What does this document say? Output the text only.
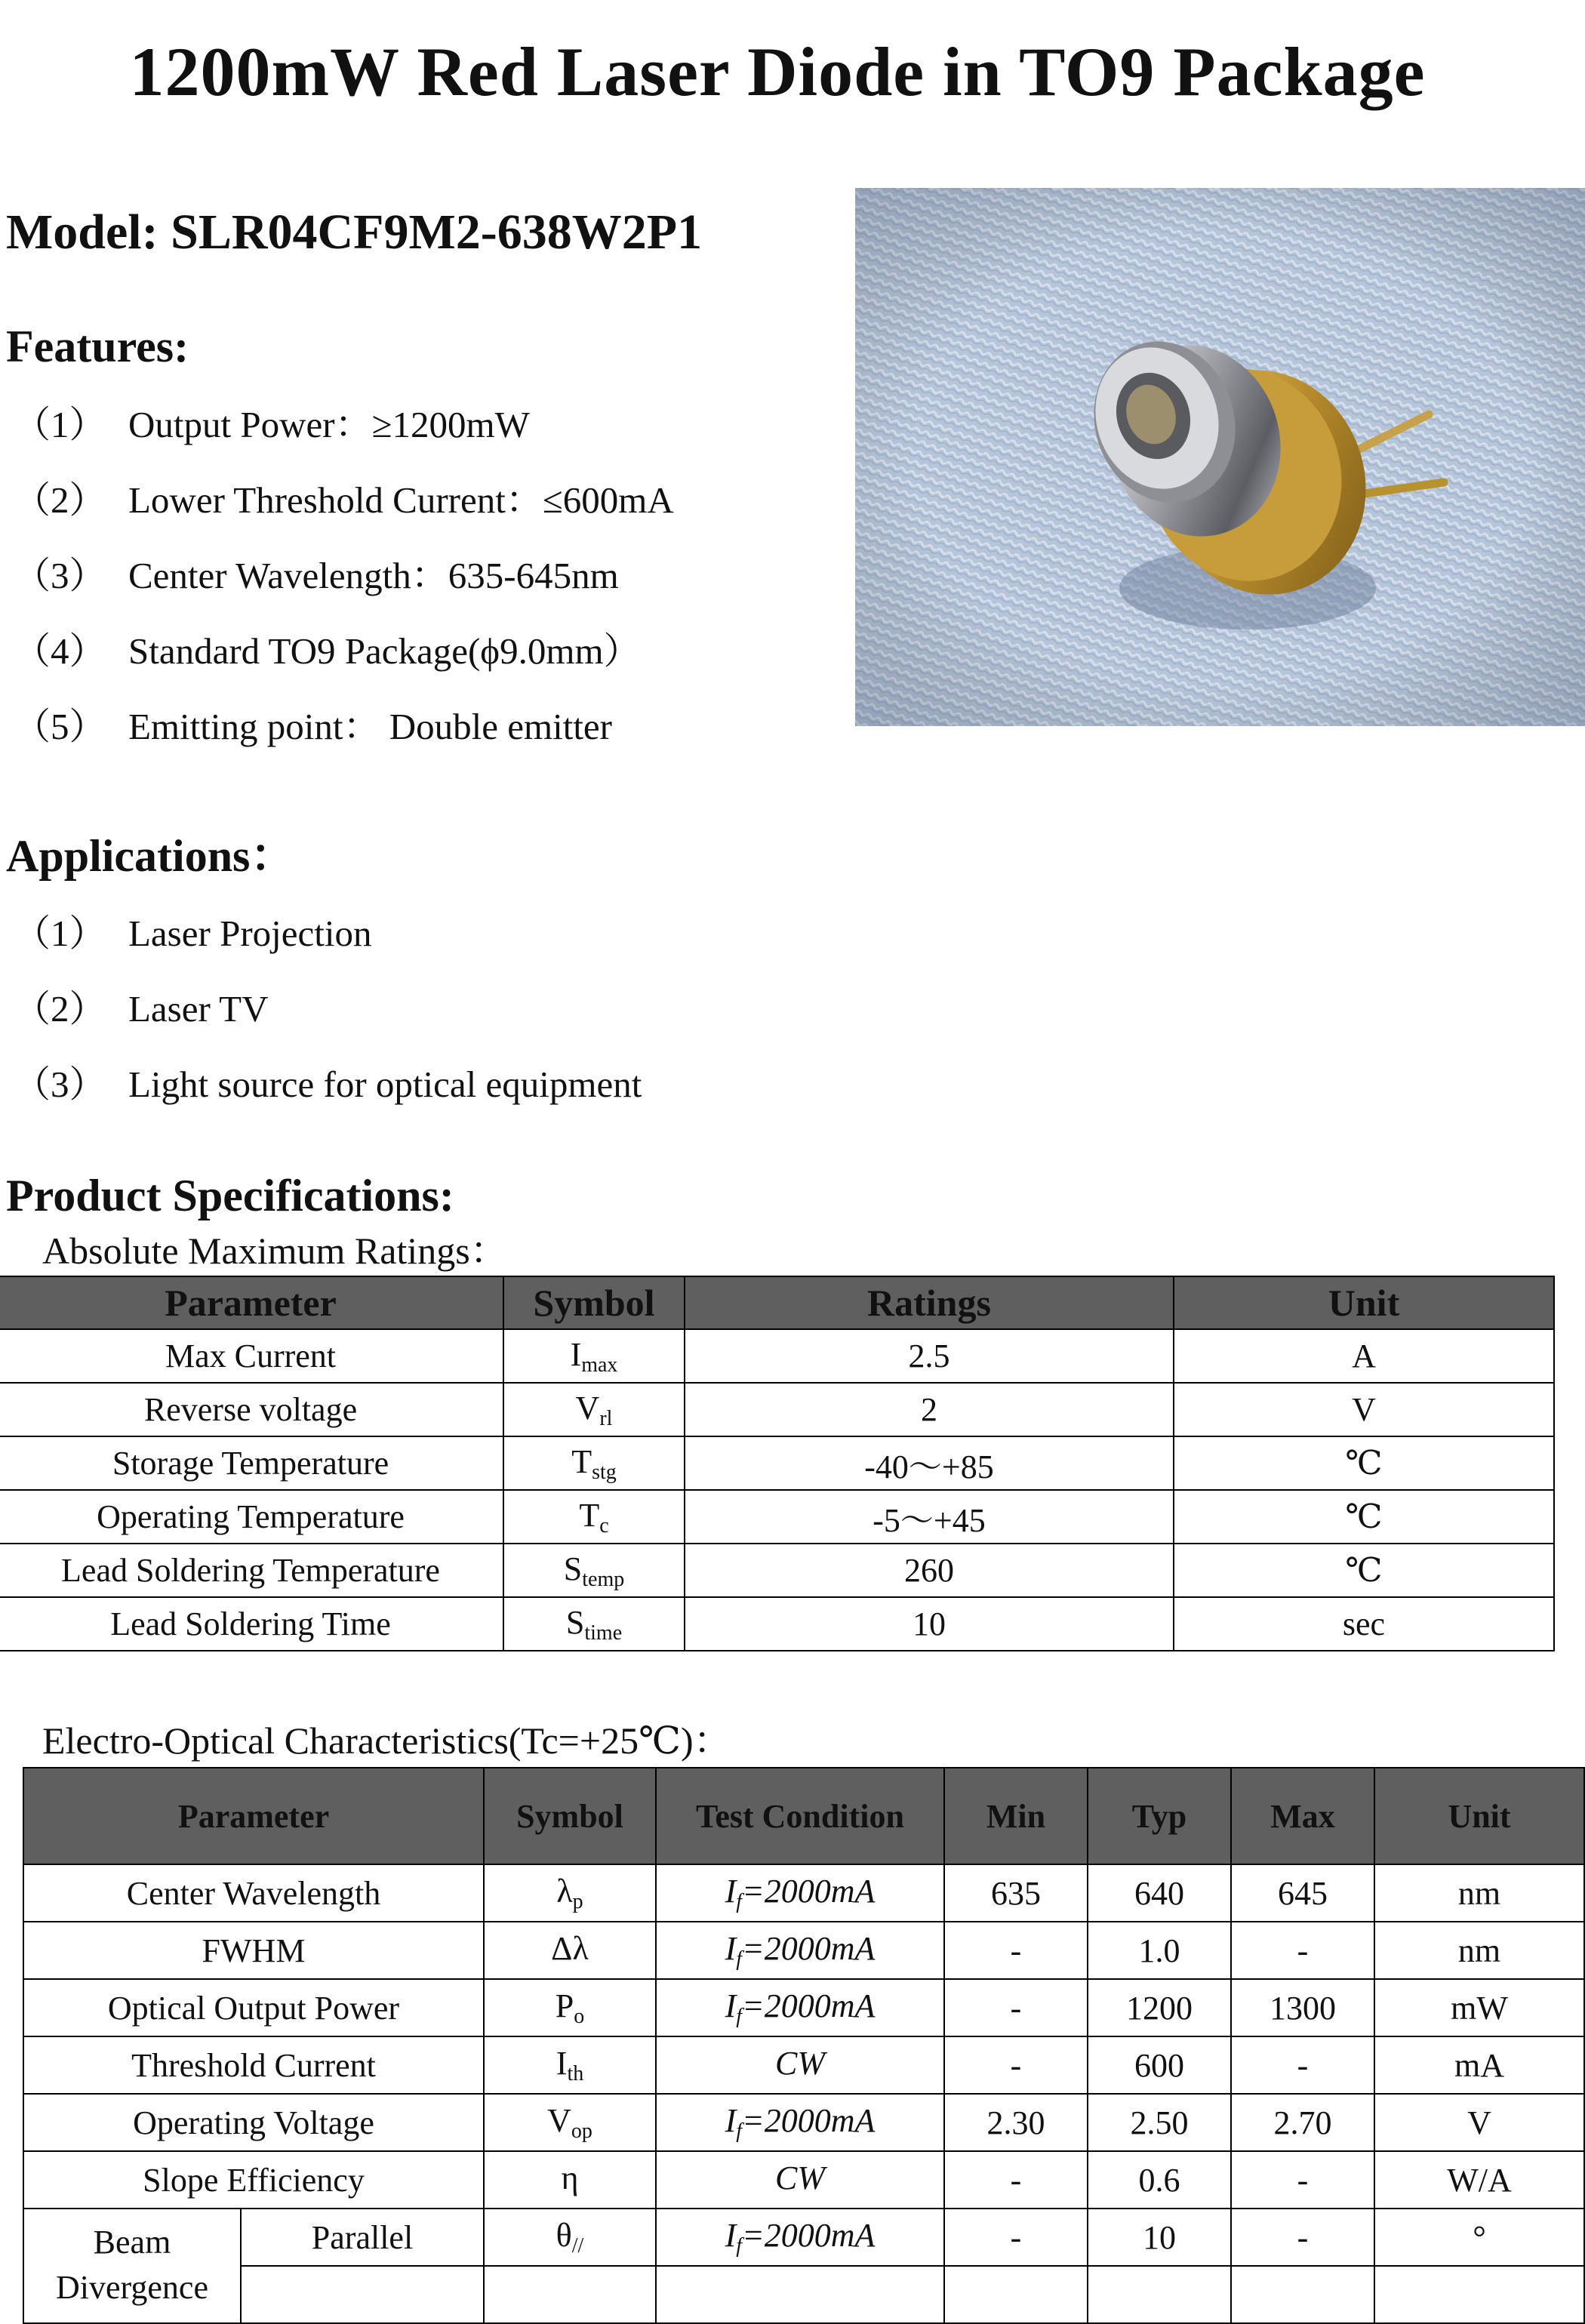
1200mW Red Laser Diode in TO9 Package
Model: SLR04CF9M2-638W2P1
Features:
（1） Output Power：≥1200mW
（2） Lower Threshold Current：≤600mA
（3） Center Wavelength：635-645nm
（4） Standard TO9 Package(ϕ9.0mm）
（5） Emitting point： Double emitter
Applications：
（1） Laser Projection
（2） Laser TV
（3） Light source for optical equipment
Product Specifications:
Absolute Maximum Ratings：
Parameter	Symbol	Ratings	Unit
Max Current	$I_{max}$	2.5	A
Reverse voltage	$V_{rl}$	2	V
Storage Temperature	$T_{stg}$	-40～+85	℃
Operating Temperature	$T_c$	-5～+45	℃
Lead Soldering Temperature	$S_{temp}$	260	℃
Lead Soldering Time	$S_{time}$	10	sec
Electro-Optical Characteristics(Tc=+25℃)：
Parameter		Symbol	Test Condition	Min	Typ	Max	Unit
Center Wavelength		$\lambda_p$	$I_f=2000mA$	635	640	645	nm
FWHM		Δλ	$I_f=2000mA$	-	1.0	-	nm
Optical Output Power		$P_o$	$I_f=2000mA$	-	1200	1300	mW
Threshold Current		$I_{th}$	CW	-	600	-	mA
Operating Voltage		$V_{op}$	$I_f=2000mA$	2.30	2.50	2.70	V
Slope Efficiency		η	CW	-	0.6	-	W/A
Beam
Divergence	Parallel	$\theta_{//}$	$I_f=2000mA$	-	10	-	°
